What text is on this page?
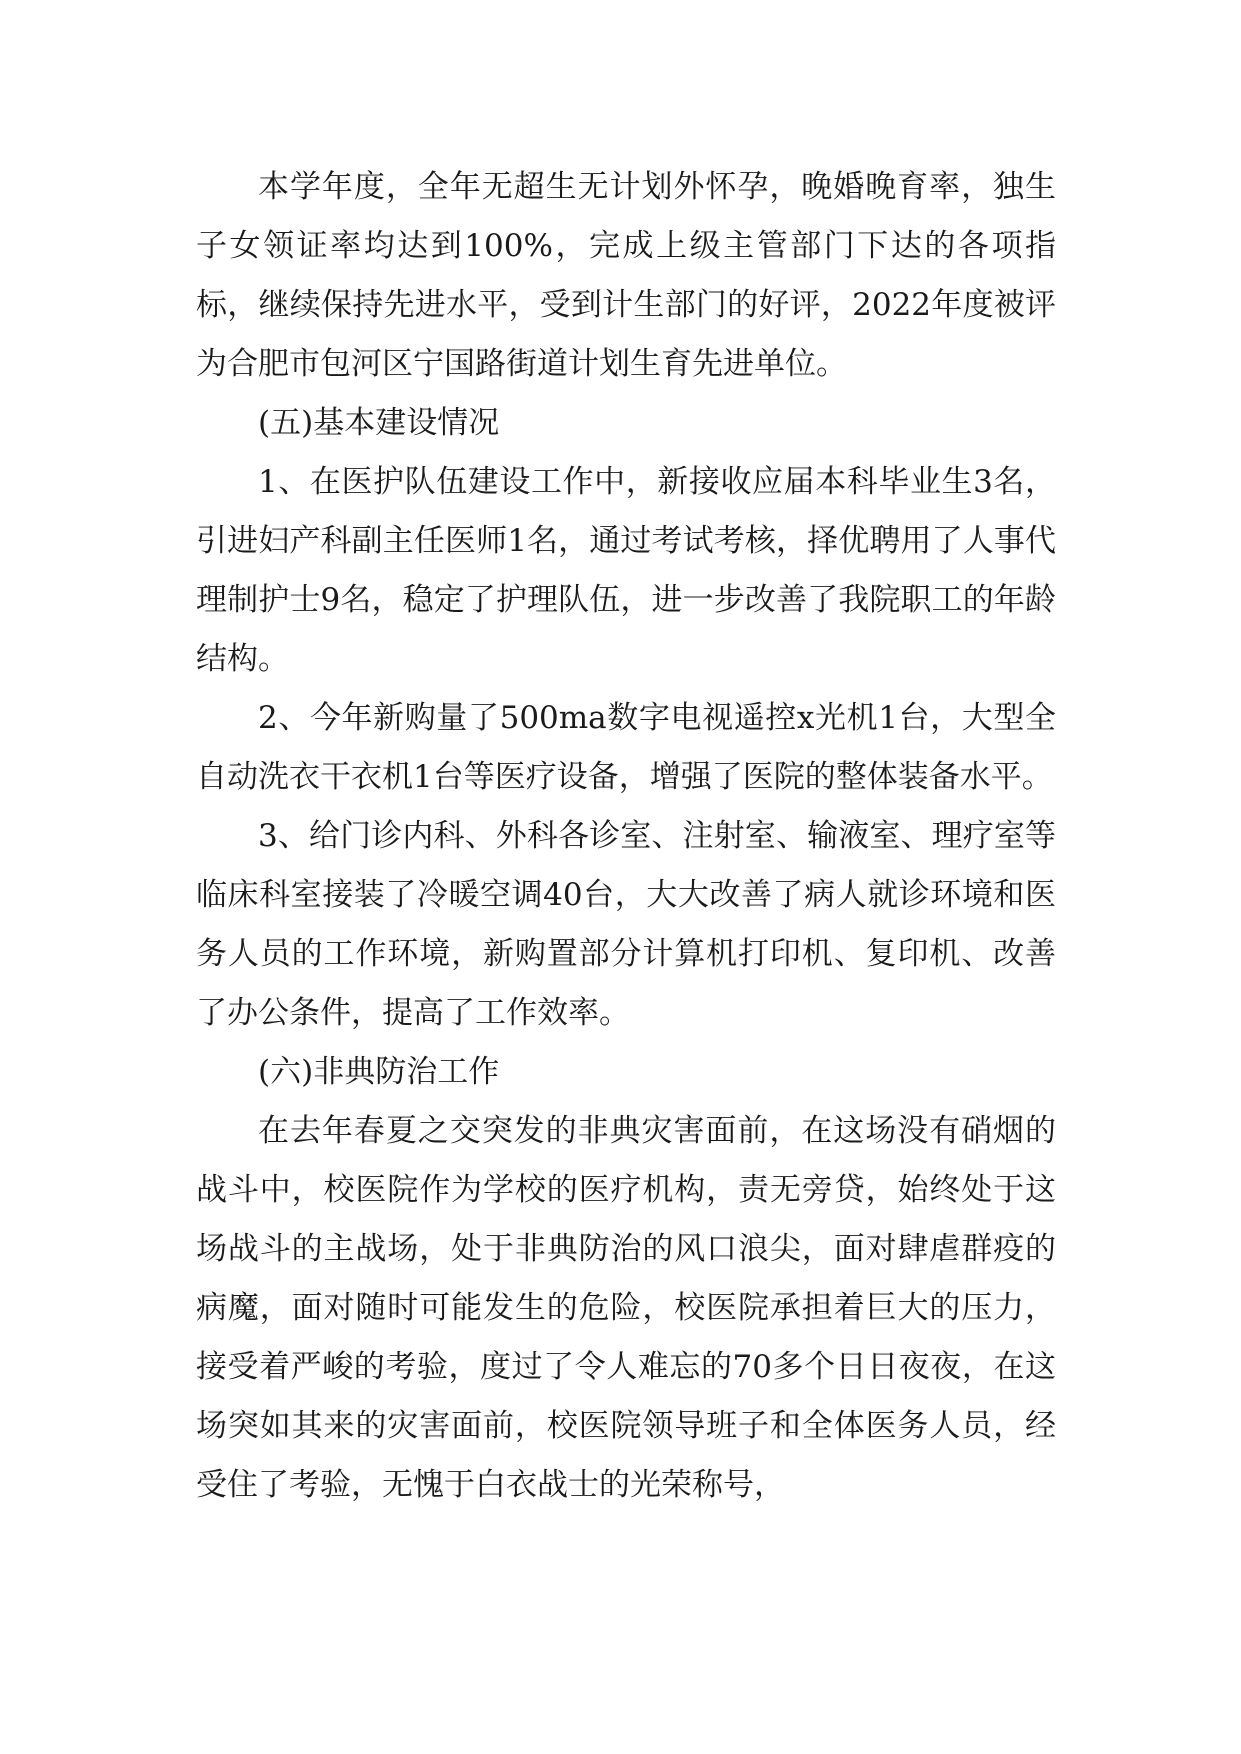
本学年度，全年无超生无计划外怀孕，晚婚晚育率，独生子女领证率均达到100%，完成上级主管部门下达的各项指标，继续保持先进水平，受到计生部门的好评，2022年度被评为合肥市包河区宁国路街道计划生育先进单位。

(五)基本建设情况

1、在医护队伍建设工作中，新接收应届本科毕业生3名，引进妇产科副主任医师1名，通过考试考核，择优聘用了人事代理制护士9名，稳定了护理队伍，进一步改善了我院职工的年龄结构。

2、今年新购量了500ma数字电视遥控x光机1台，大型全自动洗衣干衣机1台等医疗设备，增强了医院的整体装备水平。

3、给门诊内科、外科各诊室、注射室、输液室、理疗室等临床科室接装了冷暖空调40台，大大改善了病人就诊环境和医务人员的工作环境，新购置部分计算机打印机、复印机、改善了办公条件，提高了工作效率。

(六)非典防治工作

在去年春夏之交突发的非典灾害面前，在这场没有硝烟的战斗中，校医院作为学校的医疗机构，责无旁贷，始终处于这场战斗的主战场，处于非典防治的风口浪尖，面对肆虐群疫的病魔，面对随时可能发生的危险，校医院承担着巨大的压力，接受着严峻的考验，度过了令人难忘的70多个日日夜夜，在这场突如其来的灾害面前，校医院领导班子和全体医务人员，经受住了考验，无愧于白衣战士的光荣称号，
